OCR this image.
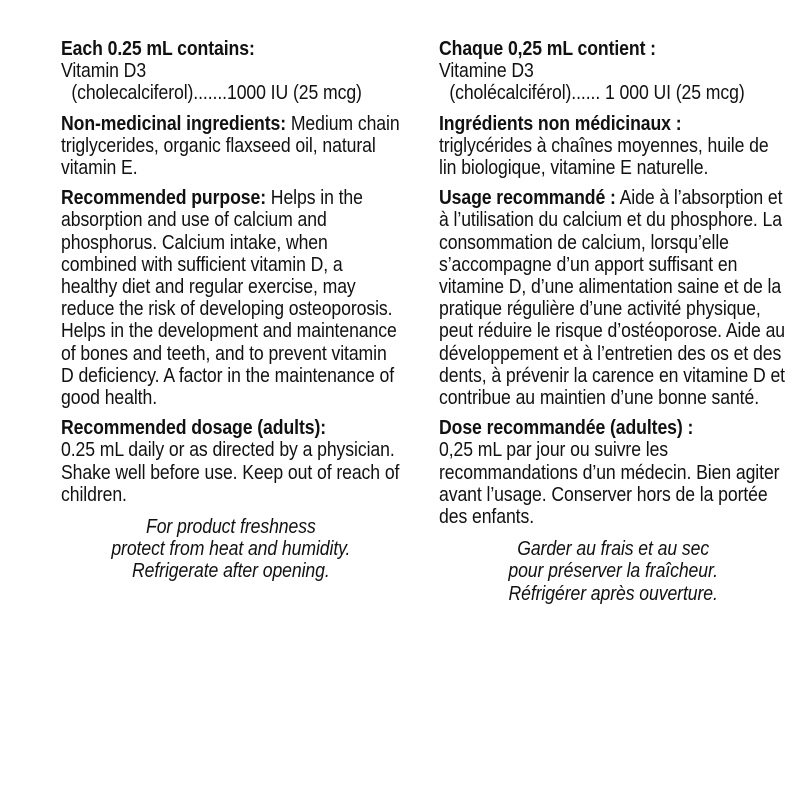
Each 0.25 mL contains:

Vitamin D3

(cholecalciferol).......1000 IU (25 mcg)

Non-medicinal ingredients: Medium chain triglycerides, organic flaxseed oil, natural vitamin E.

Recommended purpose: Helps in the absorption and use of calcium and phosphorus. Calcium intake, when combined with sufficient vitamin D, a healthy diet and regular exercise, may reduce the risk of developing osteoporosis. Helps in the development and maintenance of bones and teeth, and to prevent vitamin D deficiency. A factor in the maintenance of good health.

Recommended dosage (adults):

0.25 mL daily or as directed by a physician. Shake well before use. Keep out of reach of children.

For product freshness

protect from heat and humidity.

Refrigerate after opening.

Chaque 0,25 mL contient :

Vitamine D3

(cholécalciférol)...... 1 000 UI (25 mcg)

Ingrédients non médicinaux :

triglycérides à chaînes moyennes, huile de lin biologique, vitamine E naturelle.

Usage recommandé : Aide à l’absorption et à l’utilisation du calcium et du phosphore. La consommation de calcium, lorsqu’elle s’accompagne d’un apport suffisant en vitamine D, d’une alimentation saine et de la pratique régulière d’une activité physique, peut réduire le risque d’ostéoporose. Aide au développement et à l’entretien des os et des dents, à prévenir la carence en vitamine D et contribue au maintien d’une bonne santé.

Dose recommandée (adultes) :

0,25 mL par jour ou suivre les recommandations d’un médecin. Bien agiter avant l’usage. Conserver hors de la portée des enfants.

Garder au frais et au sec

pour préserver la fraîcheur.

Réfrigérer après ouverture.
